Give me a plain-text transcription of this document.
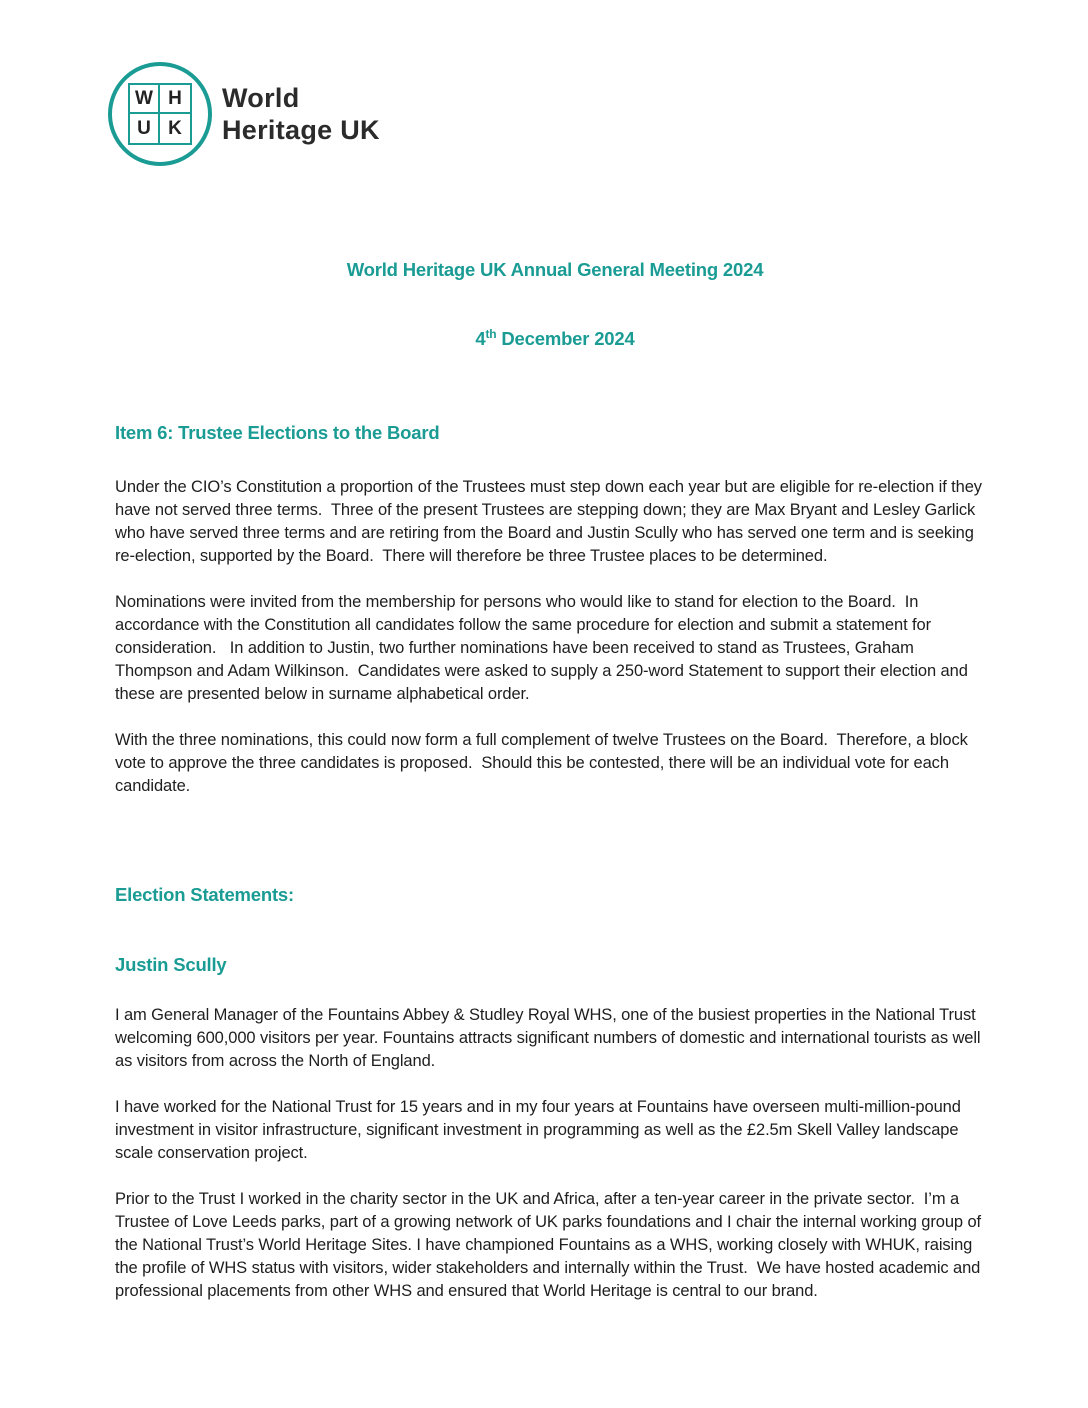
W H
U K
World
Heritage UK

World Heritage UK Annual General Meeting 2024

4th December 2024

Item 6: Trustee Elections to the Board

Under the CIO’s Constitution a proportion of the Trustees must step down each year but are eligible for re-election if they have not served three terms.  Three of the present Trustees are stepping down; they are Max Bryant and Lesley Garlick who have served three terms and are retiring from the Board and Justin Scully who has served one term and is seeking re-election, supported by the Board.  There will therefore be three Trustee places to be determined.

Nominations were invited from the membership for persons who would like to stand for election to the Board.  In accordance with the Constitution all candidates follow the same procedure for election and submit a statement for consideration.   In addition to Justin, two further nominations have been received to stand as Trustees, Graham Thompson and Adam Wilkinson.  Candidates were asked to supply a 250-word Statement to support their election and these are presented below in surname alphabetical order.

With the three nominations, this could now form a full complement of twelve Trustees on the Board.  Therefore, a block vote to approve the three candidates is proposed.  Should this be contested, there will be an individual vote for each candidate.

Election Statements:
Justin Scully

I am General Manager of the Fountains Abbey & Studley Royal WHS, one of the busiest properties in the National Trust welcoming 600,000 visitors per year. Fountains attracts significant numbers of domestic and international tourists as well as visitors from across the North of England.

I have worked for the National Trust for 15 years and in my four years at Fountains have overseen multi-million-pound investment in visitor infrastructure, significant investment in programming as well as the £2.5m Skell Valley landscape scale conservation project.

Prior to the Trust I worked in the charity sector in the UK and Africa, after a ten-year career in the private sector.  I’m a Trustee of Love Leeds parks, part of a growing network of UK parks foundations and I chair the internal working group of the National Trust’s World Heritage Sites. I have championed Fountains as a WHS, working closely with WHUK, raising the profile of WHS status with visitors, wider stakeholders and internally within the Trust.  We have hosted academic and professional placements from other WHS and ensured that World Heritage is central to our brand.
